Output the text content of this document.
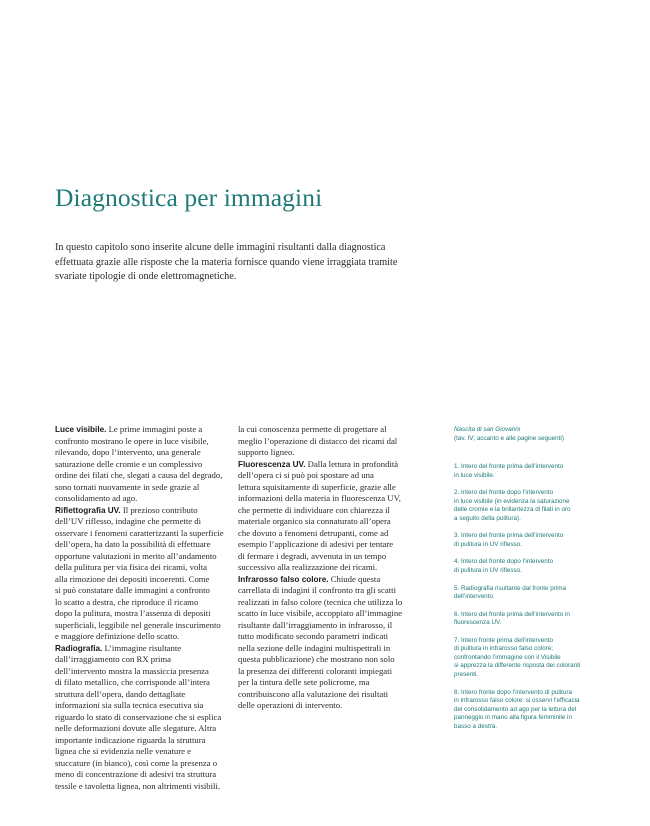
Diagnostica per immagini
In questo capitolo sono inserite alcune delle immagini risultanti dalla diagnostica
effettuata grazie alle risposte che la materia fornisce quando viene irraggiata tramite
svariate tipologie di onde elettromagnetiche.
Luce visibile. Le prime immagini poste a
confronto mostrano le opere in luce visibile,
rilevando, dopo l’intervento, una generale
saturazione delle cromie e un complessivo
ordine dei filati che, slegati a causa del degrado,
sono tornati nuovamente in sede grazie al
consolidamento ad ago.
Riflettografia UV. Il prezioso contributo
dell’UV riflesso, indagine che permette di
osservare i fenomeni caratterizzanti la superficie
dell’opera, ha dato la possibilità di effettuare
opportune valutazioni in merito all’andamento
della pulitura per via fisica dei ricami, volta
alla rimozione dei depositi incoerenti. Come
si può constatare dalle immagini a confronto
lo scatto a destra, che riproduce il ricamo
dopo la pulitura, mostra l’assenza di depositi
superficiali, leggibile nel generale inscurimento
e maggiore definizione dello scatto.
Radiografia. L’immagine risultante
dall’irraggiamento con RX prima
dell’intervento mostra la massiccia presenza
di filato metallico, che corrisponde all’intera
struttura dell’opera, dando dettagliate
informazioni sia sulla tecnica esecutiva sia
riguardo lo stato di conservazione che si esplica
nelle deformazioni dovute alle slegature. Altra
importante indicazione riguarda la struttura
lignea che si evidenzia nelle venature e
stuccature (in bianco), così come la presenza o
meno di concentrazione di adesivi tra struttura
tessile e tavoletta lignea, non altrimenti visibili.
la cui conoscenza permette di progettare al
meglio l’operazione di distacco dei ricami dal
supporto ligneo.
Fluorescenza UV. Dalla lettura in profondità
dell’opera ci si può poi spostare ad una
lettura squisitamente di superficie, grazie alle
informazioni della materia in fluorescenza UV,
che permette di individuare con chiarezza il
materiale organico sia connaturato all’opera
che dovuto a fenomeni detrupanti, come ad
esempio l’applicazione di adesivi per tentare
di fermare i degradi, avvenuta in un tempo
successivo alla realizzazione dei ricami.
Infrarosso falso colore. Chiude questa
carrellata di indagini il confronto tra gli scatti
realizzati in falso colore (tecnica che utilizza lo
scatto in luce visibile, accoppiato all’immagine
risultante dall’irraggiamento in infrarosso, il
tutto modificato secondo parametri indicati
nella sezione delle indagini multispettrali in
questa pubblicazione) che mostrano non solo
la presenza dei differenti coloranti impiegati
per la tintura delle sete policrome, ma
contribuiscono alla valutazione dei risultati
delle operazioni di intervento.
Nascita di san Giovanni
(tav. IV; accanto e alle pagine seguenti)
1. Intero del fronte prima dell’intervento
in luce visibile.
2. Intero del fronte dopo l’intervento
in luce visibile (in evidenza la saturazione
delle cromie e la brillantezza di filati in oro
a seguito della pulitura).
3. Intero del fronte prima dell’intervento
di pulitura in UV riflesso.
4. Intero del fronte dopo l’intervento
di pulitura in UV riflesso.
5. Radiografia risultante dal fronte prima
dell’intervento.
6. Intero del fronte prima dell’intervento in
fluorescenza UV.
7. Intero fronte prima dell’intervento
di pulitura in infrarosso falso colore;
confrontando l’immagine con il Visibile
si apprezza la differente risposta dei coloranti
presenti.
8. Intero fronte dopo l’intervento di pulitura
in infrarosso falso colore: si osservi l’efficacia
del consolidamento ad ago per la lettura del
panneggio in mano alla figura femminile in
basso a destra.
